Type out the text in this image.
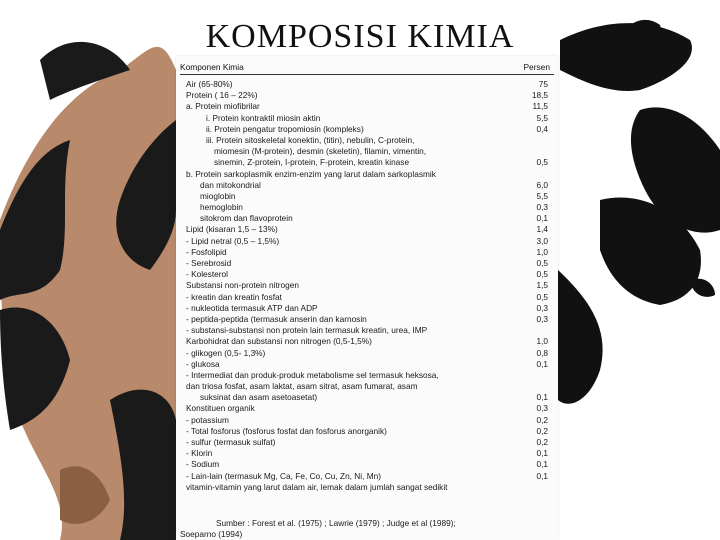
KOMPOSISI KIMIA
Komponen Kimia	Persen
Air (65-80%)	75
Protein ( 16 – 22%)	18,5
a. Protein miofibrilar	11,5
i. Protein kontraktil miosin aktin	5,5
ii. Protein pengatur tropomiosin (kompleks)	0,4
iii. Protein sitoskeletal konektin, (titin), nebulin, C-protein,
miomesin (M-protein), desmin (skeletin), filamin, vimentin,
sinemin, Z-protein, I-protein, F-protein, kreatin kinase	0,5
b. Protein sarkoplasmik enzim-enzim yang larut dalam sarkoplasmik
dan mitokondrial	6,0
mioglobin	5,5
hemoglobin	0,3
sitokrom dan flavoprotein	0,1
Lipid (kisaran 1,5 – 13%)	1,4
- Lipid netral (0,5 – 1,5%)	3,0
- Fosfolipid	1,0
- Serebrosid	0,5
- Kolesterol	0,5
Substansi non-protein nitrogen	1,5
- kreatin dan kreatin fosfat	0,5
- nukleotida termasuk ATP dan ADP	0,3
- peptida-peptida (termasuk anserin dan karnosin	0,3
- substansi-substansi non protein lain termasuk kreatin, urea, IMP
Karbohidrat dan substansi non nitrogen (0,5-1,5%)	1,0
- glikogen (0,5- 1,3%)	0,8
- glukosa	0,1
- Intermediat dan produk-produk metabolisme sel termasuk heksosa,
dan triosa fosfat, asam laktat, asam sitrat, asam fumarat, asam
suksinat dan asam asetoasetat)	0,1
Konstituen organik	0,3
- potassium	0,2
- Total fosforus (fosforus fosfat dan fosforus anorganik)	0,2
- sulfur (termasuk sulfat)	0,2
- Klorin	0,1
- Sodium	0,1
- Lain-lain (termasuk Mg, Ca, Fe, Co, Cu, Zn, Ni, Mn)	0,1
vitamin-vitamin yang larut dalam air, lemak dalam jumlah sangat sedikit
Sumber : Forest et al. (1975) ; Lawrie (1979) ; Judge et al (1989);
Soeparno (1994)
